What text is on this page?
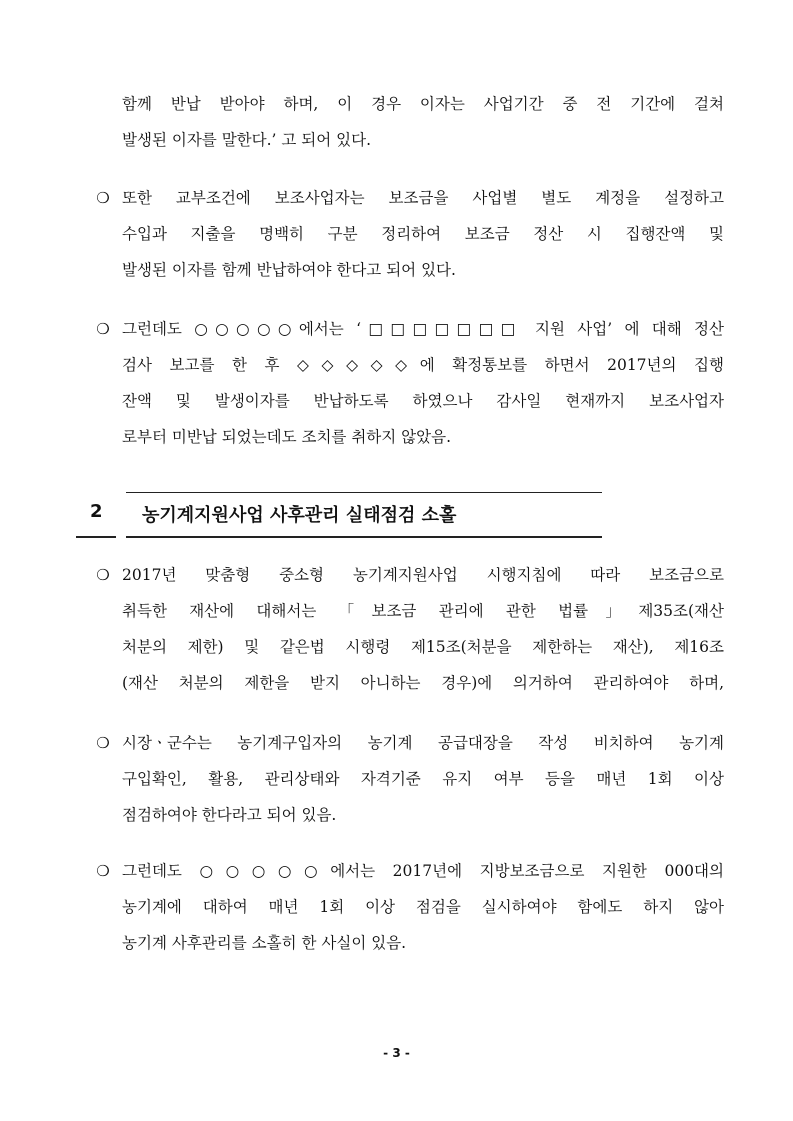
함께 반납 받아야 하며, 이 경우 이자는 사업기간 중 전 기간에 걸쳐
발생된 이자를 말한다.’ 고 되어 있다.
❍ 또한 교부조건에 보조사업자는 보조금을 사업별 별도 계정을 설정하고
수입과 지출을 명백히 구분 정리하여 보조금 정산 시 집행잔액 및
발생된 이자를 함께 반납하여야 한다고 되어 있다.
❍ 그런데도 ○○○○○에서는 ‘□□□□□□□ 지원 사업’ 에 대해 정산
검사 보고를 한 후 ◇◇◇◇◇에 확정통보를 하면서 2017년의 집행
잔액 및 발생이자를 반납하도록 하였으나 감사일 현재까지 보조사업자
로부터 미반납 되었는데도 조치를 취하지 않았음.
2 농기계지원사업 사후관리 실태점검 소홀
❍ 2017년 맞춤형 중소형 농기계지원사업 시행지침에 따라 보조금으로
취득한 재산에 대해서는 「보조금 관리에 관한 법률」제35조(재산
처분의 제한) 및 같은법 시행령 제15조(처분을 제한하는 재산), 제16조
(재산 처분의 제한을 받지 아니하는 경우)에 의거하여 관리하여야 하며,
❍ 시장ㆍ군수는 농기계구입자의 농기계 공급대장을 작성 비치하여 농기계
구입확인, 활용, 관리상태와 자격기준 유지 여부 등을 매년 1회 이상
점검하여야 한다라고 되어 있음.
❍ 그런데도 ○○○○○에서는 2017년에 지방보조금으로 지원한 000대의
농기계에 대하여 매년 1회 이상 점검을 실시하여야 함에도 하지 않아
농기계 사후관리를 소홀히 한 사실이 있음.
- 3 -
